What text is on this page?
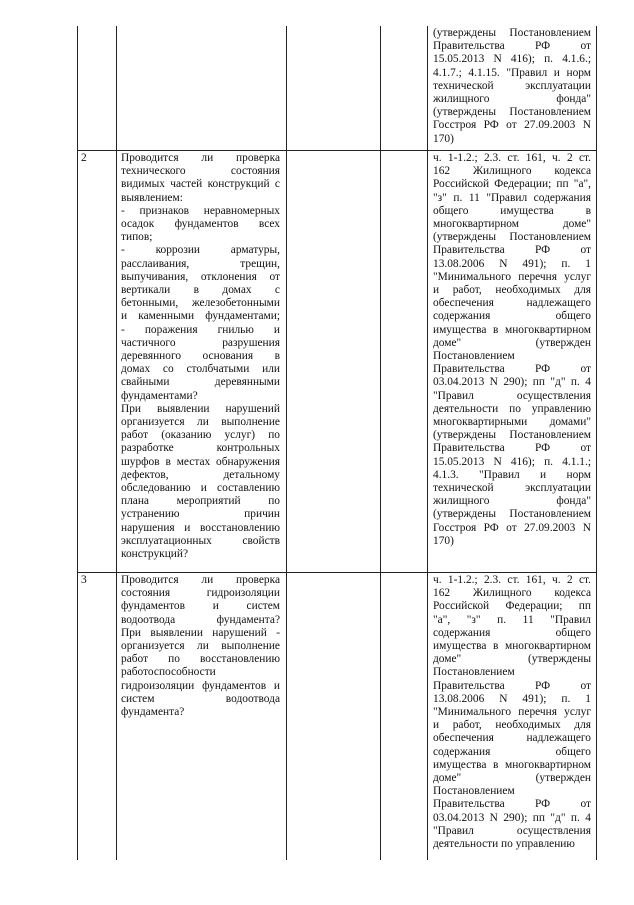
(утверждены Постановлением
Правительства РФ от
15.05.2013 N 416); п. 4.1.6.;
4.1.7.; 4.1.15. "Правил и норм
технической эксплуатации
жилищного фонда"
(утверждены Постановлением
Госстроя РФ от 27.09.2003 N
170)
2	Проводится ли проверка
технического состояния
видимых частей конструкций с
выявлением:
- признаков неравномерных
осадок фундаментов всех
типов;
- коррозии арматуры,
расслаивания, трещин,
выпучивания, отклонения от
вертикали в домах с
бетонными, железобетонными
и каменными фундаментами;
- поражения гнилью и
частичного разрушения
деревянного основания в
домах со столбчатыми или
свайными деревянными
фундаментами?
При выявлении нарушений
организуется ли выполнение
работ (оказанию услуг) по
разработке контрольных
шурфов в местах обнаружения
дефектов, детальному
обследованию и составлению
плана мероприятий по
устранению причин
нарушения и восстановлению
эксплуатационных свойств
конструкций?
ч. 1-1.2.; 2.3. ст. 161, ч. 2 ст.
162 Жилищного кодекса
Российской Федерации; пп "а",
"з" п. 11 "Правил содержания
общего имущества в
многоквартирном доме"
(утверждены Постановлением
Правительства РФ от
13.08.2006 N 491); п. 1
"Минимального перечня услуг
и работ, необходимых для
обеспечения надлежащего
содержания общего
имущества в многоквартирном
доме" (утвержден
Постановлением
Правительства РФ от
03.04.2013 N 290); пп "д" п. 4
"Правил осуществления
деятельности по управлению
многоквартирными домами"
(утверждены Постановлением
Правительства РФ от
15.05.2013 N 416); п. 4.1.1.;
4.1.3. "Правил и норм
технической эксплуатации
жилищного фонда"
(утверждены Постановлением
Госстроя РФ от 27.09.2003 N
170)
3	Проводится ли проверка
состояния гидроизоляции
фундаментов и систем
водоотвода фундамента?
При выявлении нарушений -
организуется ли выполнение
работ по восстановлению
работоспособности
гидроизоляции фундаментов и
систем водоотвода
фундамента?
ч. 1-1.2.; 2.3. ст. 161, ч. 2 ст.
162 Жилищного кодекса
Российской Федерации; пп
"а", "з" п. 11 "Правил
содержания общего
имущества в многоквартирном
доме" (утверждены
Постановлением
Правительства РФ от
13.08.2006 N 491); п. 1
"Минимального перечня услуг
и работ, необходимых для
обеспечения надлежащего
содержания общего
имущества в многоквартирном
доме" (утвержден
Постановлением
Правительства РФ от
03.04.2013 N 290); пп "д" п. 4
"Правил осуществления
деятельности по управлению
